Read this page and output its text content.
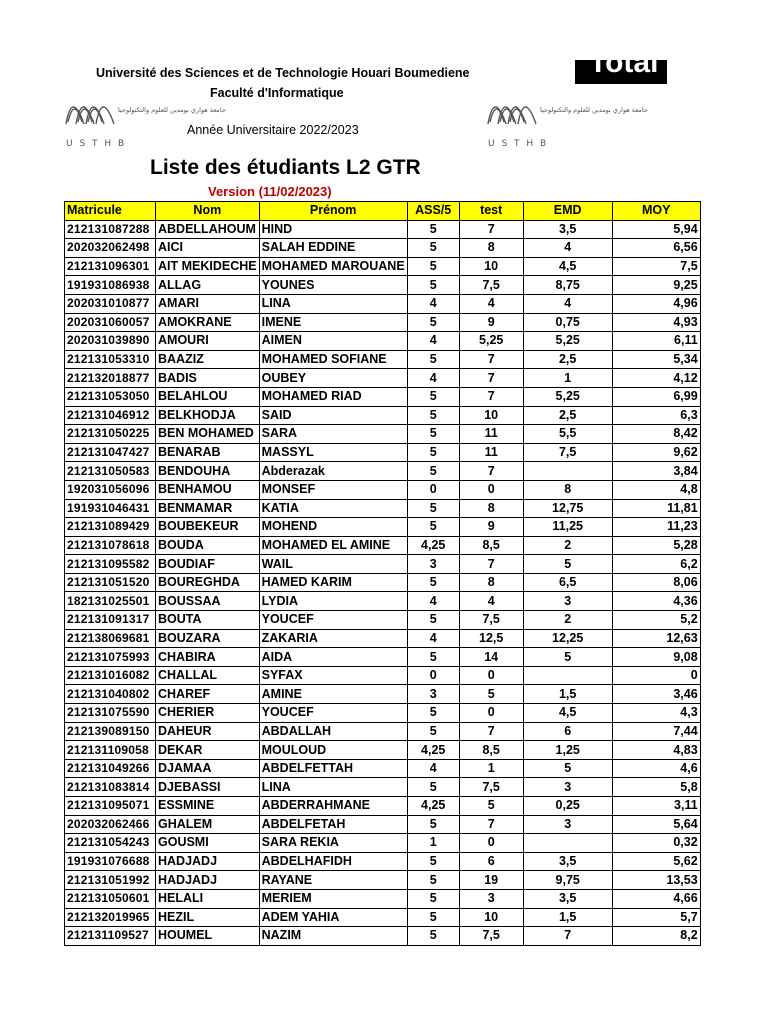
Université des Sciences et de Technologie Houari Boumediene
Faculté d'Informatique
Année Universitaire 2022/2023
Liste des étudiants L2 GTR
Version (11/02/2023)
Total
جامعة هواري بومدين للعلوم والتكنولوجيا
U S T H B
جامعة هواري بومدين للعلوم والتكنولوجيا
U S T H B
Matricule	Nom	Prénom	ASS/5	test	EMD	MOY
212131087288	ABDELLAHOUM	HIND	5	7	3,5	5,94
202032062498	AICI	SALAH EDDINE	5	8	4	6,56
212131096301	AIT MEKIDECHE	MOHAMED MAROUANE	5	10	4,5	7,5
191931086938	ALLAG	YOUNES	5	7,5	8,75	9,25
202031010877	AMARI	LINA	4	4	4	4,96
202031060057	AMOKRANE	IMENE	5	9	0,75	4,93
202031039890	AMOURI	AIMEN	4	5,25	5,25	6,11
212131053310	BAAZIZ	MOHAMED SOFIANE	5	7	2,5	5,34
212132018877	BADIS	OUBEY	4	7	1	4,12
212131053050	BELAHLOU	MOHAMED RIAD	5	7	5,25	6,99
212131046912	BELKHODJA	SAID	5	10	2,5	6,3
212131050225	BEN MOHAMED	SARA	5	11	5,5	8,42
212131047427	BENARAB	MASSYL	5	11	7,5	9,62
212131050583	BENDOUHA	Abderazak	5	7		3,84
192031056096	BENHAMOU	MONSEF	0	0	8	4,8
191931046431	BENMAMAR	KATIA	5	8	12,75	11,81
212131089429	BOUBEKEUR	MOHEND	5	9	11,25	11,23
212131078618	BOUDA	MOHAMED EL AMINE	4,25	8,5	2	5,28
212131095582	BOUDIAF	WAIL	3	7	5	6,2
212131051520	BOUREGHDA	HAMED KARIM	5	8	6,5	8,06
182131025501	BOUSSAA	LYDIA	4	4	3	4,36
212131091317	BOUTA	YOUCEF	5	7,5	2	5,2
212138069681	BOUZARA	ZAKARIA	4	12,5	12,25	12,63
212131075993	CHABIRA	AIDA	5	14	5	9,08
212131016082	CHALLAL	SYFAX	0	0		0
212131040802	CHAREF	AMINE	3	5	1,5	3,46
212131075590	CHERIER	YOUCEF	5	0	4,5	4,3
212139089150	DAHEUR	ABDALLAH	5	7	6	7,44
212131109058	DEKAR	MOULOUD	4,25	8,5	1,25	4,83
212131049266	DJAMAA	ABDELFETTAH	4	1	5	4,6
212131083814	DJEBASSI	LINA	5	7,5	3	5,8
212131095071	ESSMINE	ABDERRAHMANE	4,25	5	0,25	3,11
202032062466	GHALEM	ABDELFETAH	5	7	3	5,64
212131054243	GOUSMI	SARA REKIA	1	0		0,32
191931076688	HADJADJ	ABDELHAFIDH	5	6	3,5	5,62
212131051992	HADJADJ	RAYANE	5	19	9,75	13,53
212131050601	HELALI	MERIEM	5	3	3,5	4,66
212132019965	HEZIL	ADEM YAHIA	5	10	1,5	5,7
212131109527	HOUMEL	NAZIM	5	7,5	7	8,2
